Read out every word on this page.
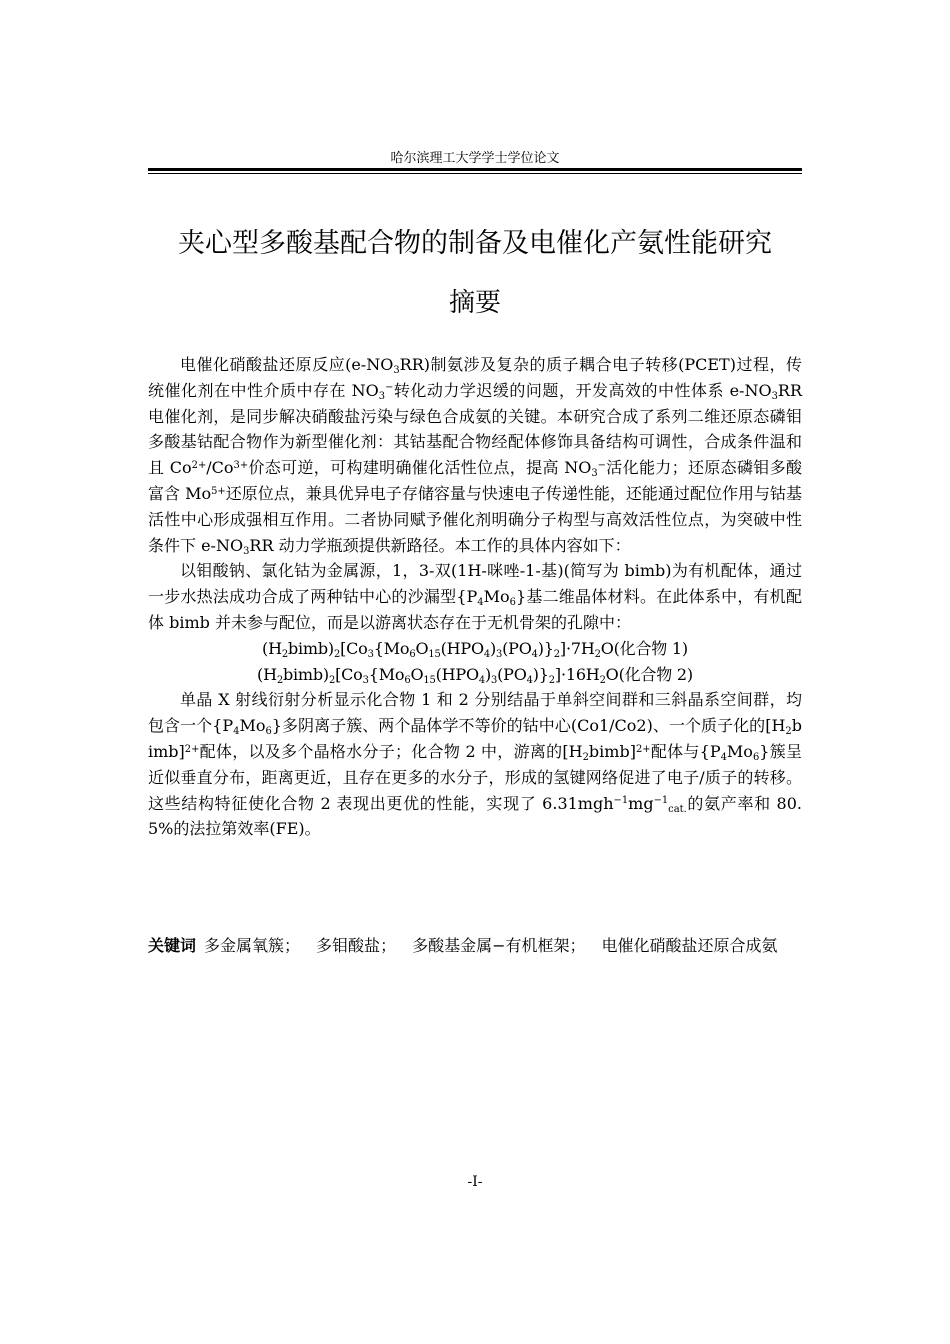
哈尔滨理工大学学士学位论文
夹心型多酸基配合物的制备及电催化产氨性能研究
摘要

电催化硝酸盐还原反应(e-NO3RR)制氨涉及复杂的质子耦合电子转移(PCET)过程，传统催化剂在中性介质中存在 NO3−转化动力学迟缓的问题，开发高效的中性体系 e-NO3RR 电催化剂，是同步解决硝酸盐污染与绿色合成氨的关键。本研究合成了系列二维还原态磷钼多酸基钴配合物作为新型催化剂：其钴基配合物经配体修饰具备结构可调性，合成条件温和且 $Co^{2+}/Co^{3+}$价态可逆，可构建明确催化活性位点，提高 NO3−活化能力；还原态磷钼多酸富含 $Mo^{5+}$还原位点，兼具优异电子存储容量与快速电子传递性能，还能通过配位作用与钴基活性中心形成强相互作用。二者协同赋予催化剂明确分子构型与高效活性位点，为突破中性条件下 e-NO3RR 动力学瓶颈提供新路径。本工作的具体内容如下：

以钼酸钠、氯化钴为金属源，1，3-双(1H-咪唑-1-基)(简写为 bimb)为有机配体，通过一步水热法成功合成了两种钴中心的沙漏型{P4Mo6}基二维晶体材料。在此体系中，有机配体 bimb 并未参与配位，而是以游离状态存在于无机骨架的孔隙中：

(H2bimb)2[Co3{Mo6O15(HPO4)3(PO4)}2]·7H2O(化合物 1)

(H2bimb)2[Co3{Mo6O15(HPO4)3(PO4)}2]·16H2O(化合物 2)

单晶 X 射线衍射分析显示化合物 1 和 2 分别结晶于单斜空间群和三斜晶系空间群，均包含一个{P4Mo6}多阴离子簇、两个晶体学不等价的钴中心(Co1/Co2)、一个质子化的[H2bimb]$^{2+}$配体，以及多个晶格水分子；化合物 2 中，游离的[H2bimb]$^{2+}$配体与{P4Mo6}簇呈近似垂直分布，距离更近，且存在更多的水分子，形成的氢键网络促进了电子/质子的转移。这些结构特征使化合物 2 表现出更优的性能，实现了 $6.31mgh^{-1}mg^{-1}cat$.的氨产率和 80.5%的法拉第效率(FE)。

关键词 多金属氧簇； 多钼酸盐； 多酸基金属−有机框架； 电催化硝酸盐还原合成氨
-I-
